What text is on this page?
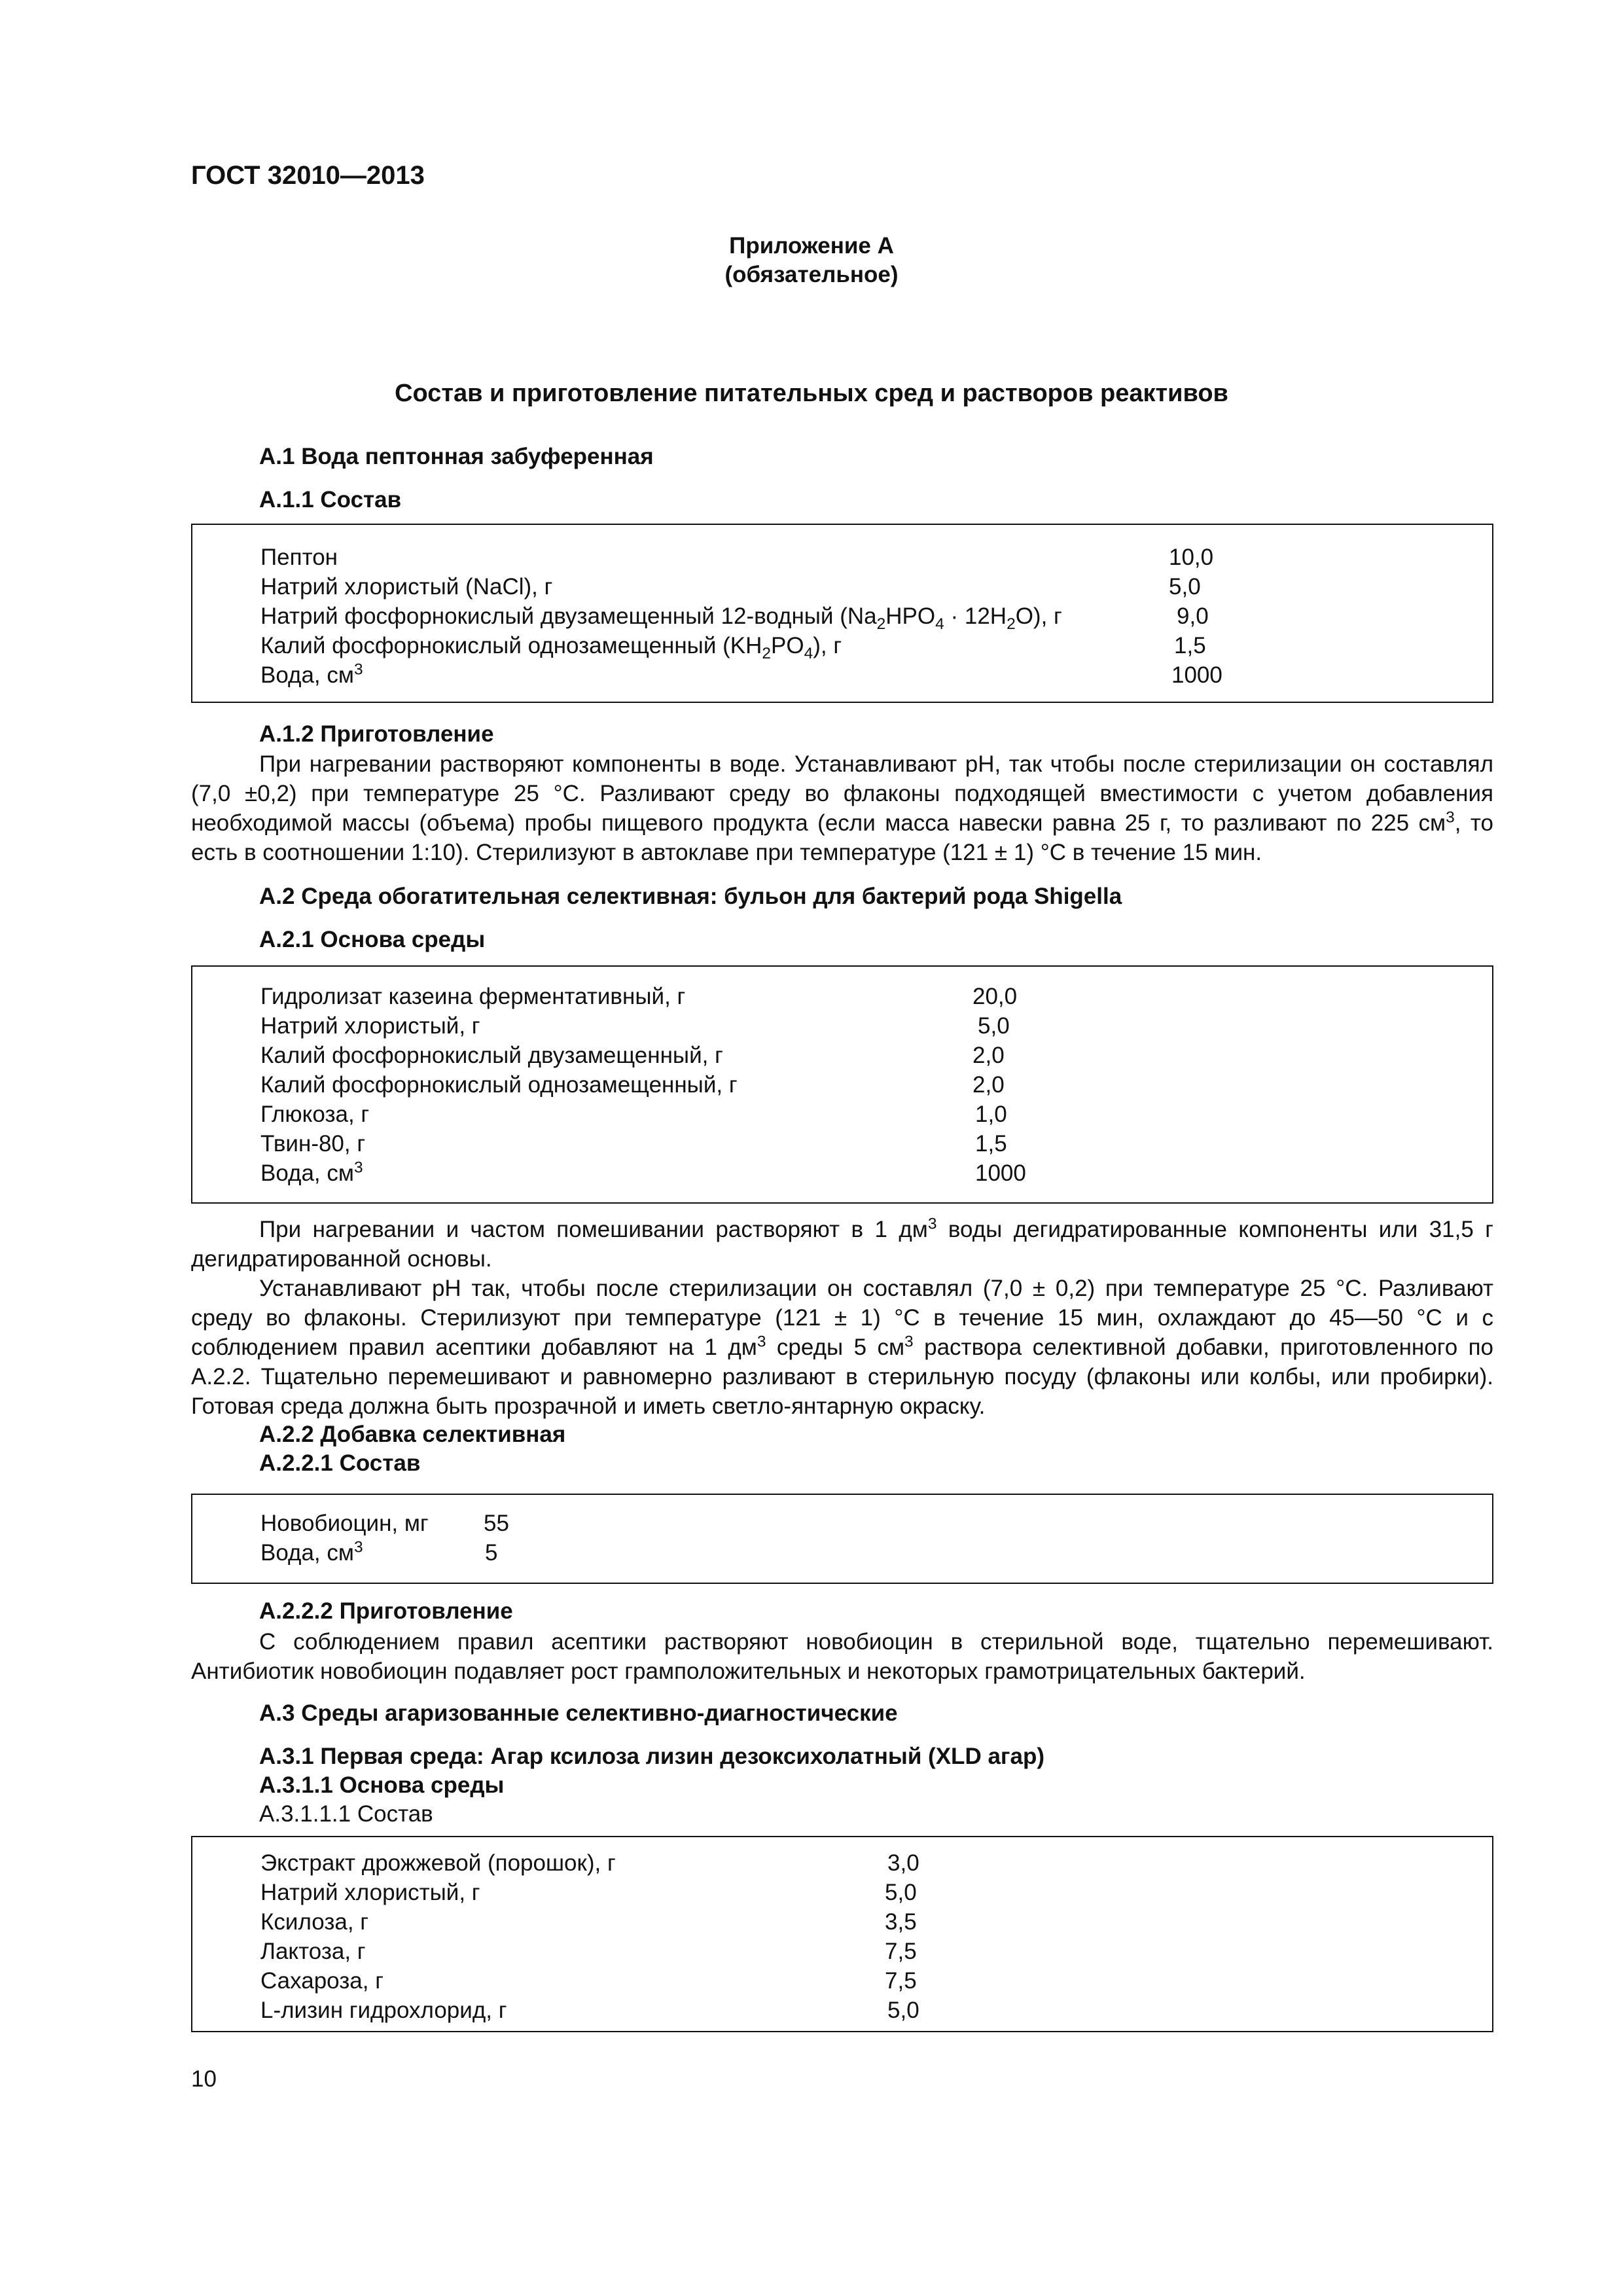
ГОСТ 32010—2013
Приложение А
(обязательное)
Состав и приготовление питательных сред и растворов реактивов
А.1 Вода пептонная забуференная
А.1.1 Состав
Пептон	10,0
Натрий хлористый (NaCl), г	5,0
Натрий фосфорнокислый двузамещенный 12-водный $(Na_2HPO_4 \cdot 12H_2O)$, г	9,0
Калий фосфорнокислый однозамещенный $(KH_2PO_4)$, г	1,5
Вода, $см^3$	1000
А.1.2 Приготовление
При нагревании растворяют компоненты в воде. Устанавливают pH, так чтобы после стерилизации он составлял (7,0 ±0,2) при температуре 25 °С. Разливают среду во флаконы подходящей вместимости с учетом добавления необходимой массы (объема) пробы пищевого продукта (если масса навески равна 25 г, то разливают по 225 $см^3$, то есть в соотношении 1:10). Стерилизуют в автоклаве при температуре (121 ± 1) °С в течение 15 мин.
А.2 Среда обогатительная селективная: бульон для бактерий рода Shigella
А.2.1 Основа среды
Гидролизат казеина ферментативный, г	20,0
Натрий хлористый, г	5,0
Калий фосфорнокислый двузамещенный, г	2,0
Калий фосфорнокислый однозамещенный, г	2,0
Глюкоза, г	1,0
Твин-80, г	1,5
Вода, $см^3$	1000
При нагревании и частом помешивании растворяют в 1 $дм^3$ воды дегидратированные компоненты или 31,5 г дегидратированной основы.
Устанавливают pH так, чтобы после стерилизации он составлял (7,0 ± 0,2) при температуре 25 °С. Разливают среду во флаконы. Стерилизуют при температуре (121 ± 1) °С в течение 15 мин, охлаждают до 45—50 °С и с соблюдением правил асептики добавляют на 1 $дм^3$ среды 5 $см^3$ раствора селективной добавки, приготовленного по А.2.2. Тщательно перемешивают и равномерно разливают в стерильную посуду (флаконы или колбы, или пробирки). Готовая среда должна быть прозрачной и иметь светло-янтарную окраску.
А.2.2 Добавка селективная
А.2.2.1 Состав
Новобиоцин, мг 55
Вода, $см^3$	5
А.2.2.2 Приготовление
С соблюдением правил асептики растворяют новобиоцин в стерильной воде, тщательно перемешивают. Антибиотик новобиоцин подавляет рост грамположительных и некоторых грамотрицательных бактерий.
А.3 Среды агаризованные селективно-диагностические
А.3.1 Первая среда: Агар ксилоза лизин дезоксихолатный (XLD агар)
А.3.1.1 Основа среды
А.3.1.1.1 Состав
Экстракт дрожжевой (порошок), г	3,0
Натрий хлористый, г	5,0
Ксилоза, г	3,5
Лактоза, г	7,5
Сахароза, г	7,5
L-лизин гидрохлорид, г	5,0
10
